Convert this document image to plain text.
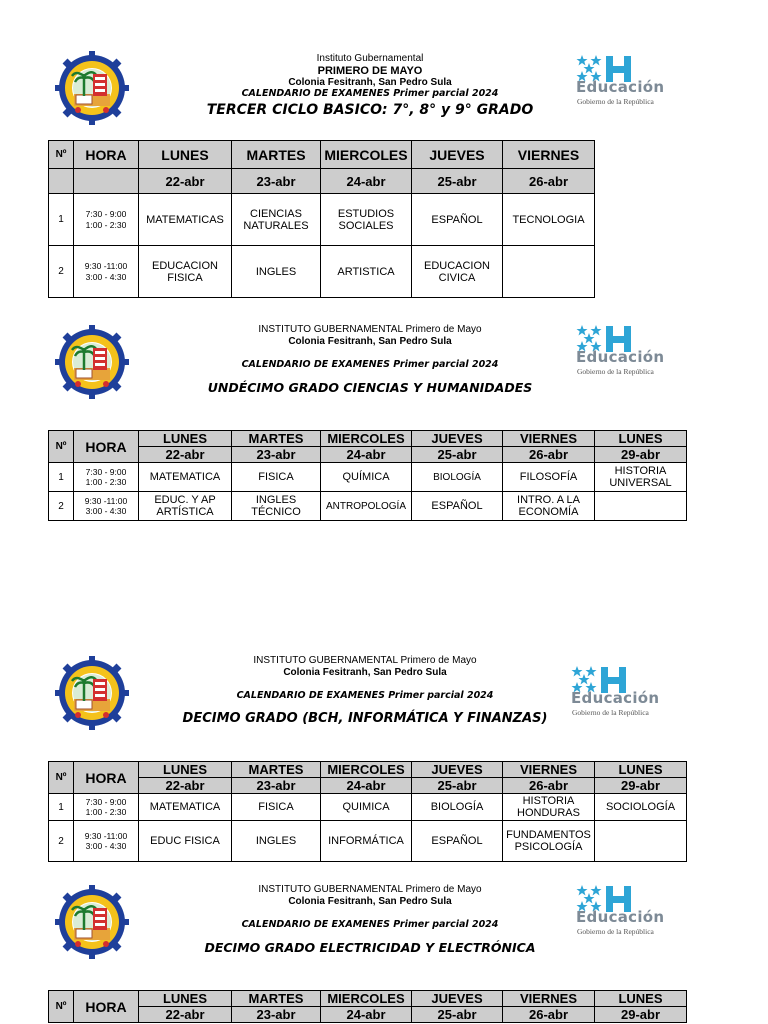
Instituto Gubernamental
PRIMERO DE MAYO
Colonia Fesitranh, San Pedro Sula
CALENDARIO DE EXAMENES Primer parcial 2024
TERCER CICLO BASICO: 7°, 8° y 9° GRADO
Educación
Gobierno de la República
Nº	HORA	LUNES	MARTES	MIERCOLES	JUEVES	VIERNES
		22-abr	23-abr	24-abr	25-abr	26-abr
1	7:30 - 9:00
1:00 - 2:30	MATEMATICAS	CIENCIAS NATURALES	ESTUDIOS SOCIALES	ESPAÑOL	TECNOLOGIA
2	9:30 -11:00
3:00 - 4:30	EDUCACION FISICA	INGLES	ARTISTICA	EDUCACION CIVICA	
INSTITUTO GUBERNAMENTAL Primero de Mayo
Colonia Fesitranh, San Pedro Sula
CALENDARIO DE EXAMENES Primer parcial 2024
UNDÉCIMO GRADO CIENCIAS Y HUMANIDADES
Educación
Gobierno de la República
Nº	HORA	LUNES	MARTES	MIERCOLES	JUEVES	VIERNES	LUNES
		22-abr	23-abr	24-abr	25-abr	26-abr	29-abr
1	7:30 - 9:00
1:00 - 2:30	MATEMATICA	FISICA	QUÍMICA	BIOLOGÍA	FILOSOFÍA	HISTORIA UNIVERSAL
2	9:30 -11:00
3:00 - 4:30	EDUC. Y AP ARTÍSTICA	INGLES TÉCNICO	ANTROPOLOGÍA	ESPAÑOL	INTRO. A LA ECONOMÍA	
INSTITUTO GUBERNAMENTAL Primero de Mayo
Colonia Fesitranh, San Pedro Sula
CALENDARIO DE EXAMENES Primer parcial 2024
DECIMO GRADO (BCH, INFORMÁTICA Y FINANZAS)
Educación
Gobierno de la República
Nº	HORA	LUNES	MARTES	MIERCOLES	JUEVES	VIERNES	LUNES
		22-abr	23-abr	24-abr	25-abr	26-abr	29-abr
1	7:30 - 9:00
1:00 - 2:30	MATEMATICA	FISICA	QUIMICA	BIOLOGÍA	HISTORIA HONDURAS	SOCIOLOGÍA
2	9:30 -11:00
3:00 - 4:30	EDUC FISICA	INGLES	INFORMÁTICA	ESPAÑOL	FUNDAMENTOS PSICOLOGÍA	
INSTITUTO GUBERNAMENTAL Primero de Mayo
Colonia Fesitranh, San Pedro Sula
CALENDARIO DE EXAMENES Primer parcial 2024
DECIMO GRADO ELECTRICIDAD Y ELECTRÓNICA
Educación
Gobierno de la República
Nº	HORA	LUNES	MARTES	MIERCOLES	JUEVES	VIERNES	LUNES
		22-abr	23-abr	24-abr	25-abr	26-abr	29-abr
